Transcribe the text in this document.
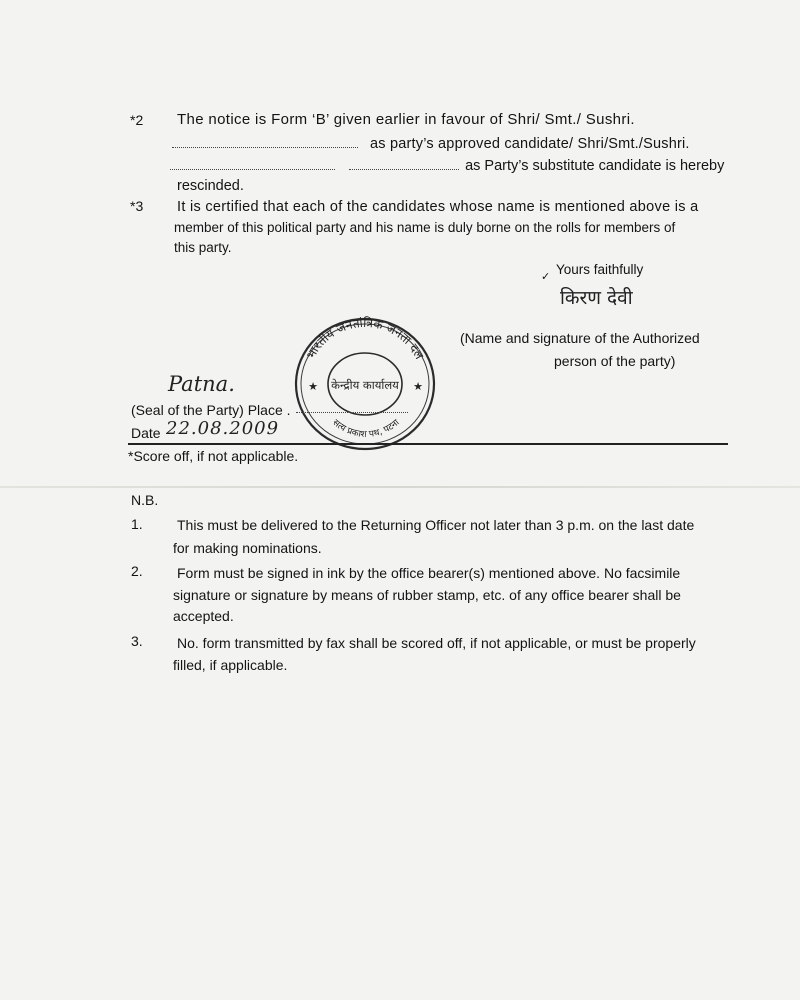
*2 The notice is Form ‘B’ given earlier in favour of Shri/ Smt./ Sushri.
as party’s approved candidate/ Shri/Smt./Sushri.
as Party’s substitute candidate is hereby
rescinded.
*3 It is certified that each of the candidates whose name is mentioned above is a
member of this political party and his name is duly borne on the rolls for members of
this party.
✓ Yours faithfully
किरण देवी
(Name and signature of the Authorized
person of the party)
भारतीय जनतांत्रिक जनता दल
सत्य प्रकाश पथ, पटना
केन्द्रीय कार्यालय
★	★
Patna.
(Seal of the Party) Place .
Date 22.08.2009
*Score off, if not applicable.
N.B.
1. This must be delivered to the Returning Officer not later than 3 p.m. on the last date
for making nominations.
2. Form must be signed in ink by the office bearer(s) mentioned above. No facsimile
signature or signature by means of rubber stamp, etc. of any office bearer shall be
accepted.
3. No. form transmitted by fax shall be scored off, if not applicable, or must be properly
filled, if applicable.
